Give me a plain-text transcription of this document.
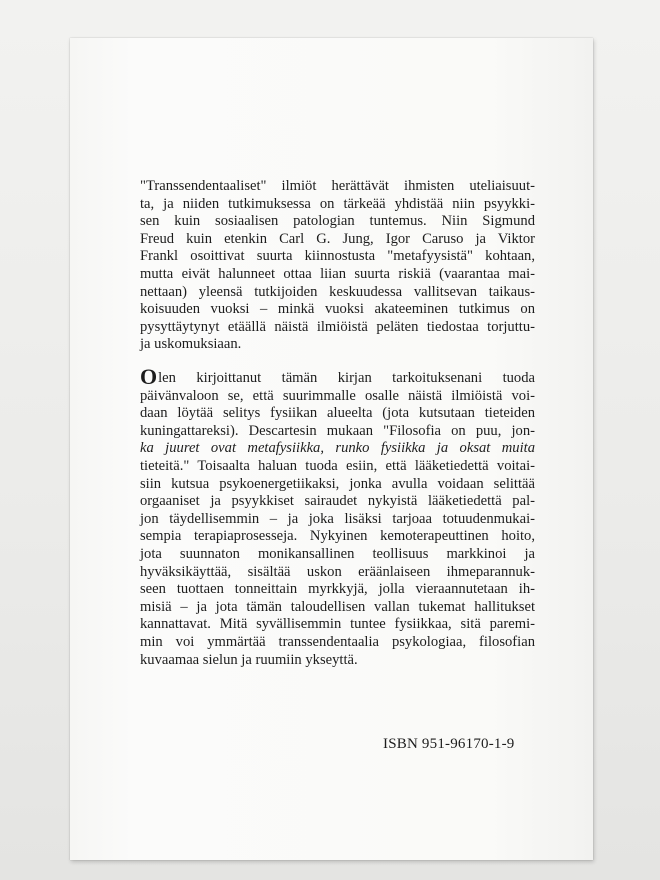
"Transsendentaaliset" ilmiöt herättävät ihmisten uteliaisuut-
ta, ja niiden tutkimuksessa on tärkeää yhdistää niin psyykki-
sen kuin sosiaalisen patologian tuntemus. Niin Sigmund
Freud kuin etenkin Carl G. Jung, Igor Caruso ja Viktor
Frankl osoittivat suurta kiinnostusta "metafyysistä" kohtaan,
mutta eivät halunneet ottaa liian suurta riskiä (vaarantaa mai-
nettaan) yleensä tutkijoiden keskuudessa vallitsevan taikaus-
koisuuden vuoksi – minkä vuoksi akateeminen tutkimus on
pysyttäytynyt etäällä näistä ilmiöistä peläten tiedostaa torjuttu-
ja uskomuksiaan.
Olen kirjoittanut tämän kirjan tarkoituksenani tuoda
päivänvaloon se, että suurimmalle osalle näistä ilmiöistä voi-
daan löytää selitys fysiikan alueelta (jota kutsutaan tieteiden
kuningattareksi). Descartesin mukaan "Filosofia on puu, jon-
ka juuret ovat metafysiikka, runko fysiikka ja oksat muita
tieteitä." Toisaalta haluan tuoda esiin, että lääketiedettä voitai-
siin kutsua psykoenergetiikaksi, jonka avulla voidaan selittää
orgaaniset ja psyykkiset sairaudet nykyistä lääketiedettä pal-
jon täydellisemmin – ja joka lisäksi tarjoaa totuudenmukai-
sempia terapiaprosesseja. Nykyinen kemoterapeuttinen hoito,
jota suunnaton monikansallinen teollisuus markkinoi ja
hyväksikäyttää, sisältää uskon eräänlaiseen ihmeparannuk-
seen tuottaen tonneittain myrkkyjä, jolla vieraannutetaan ih-
misiä – ja jota tämän taloudellisen vallan tukemat hallitukset
kannattavat. Mitä syvällisemmin tuntee fysiikkaa, sitä paremi-
min voi ymmärtää transsendentaalia psykologiaa, filosofian
kuvaamaa sielun ja ruumiin ykseyttä.
ISBN 951-96170-1-9
